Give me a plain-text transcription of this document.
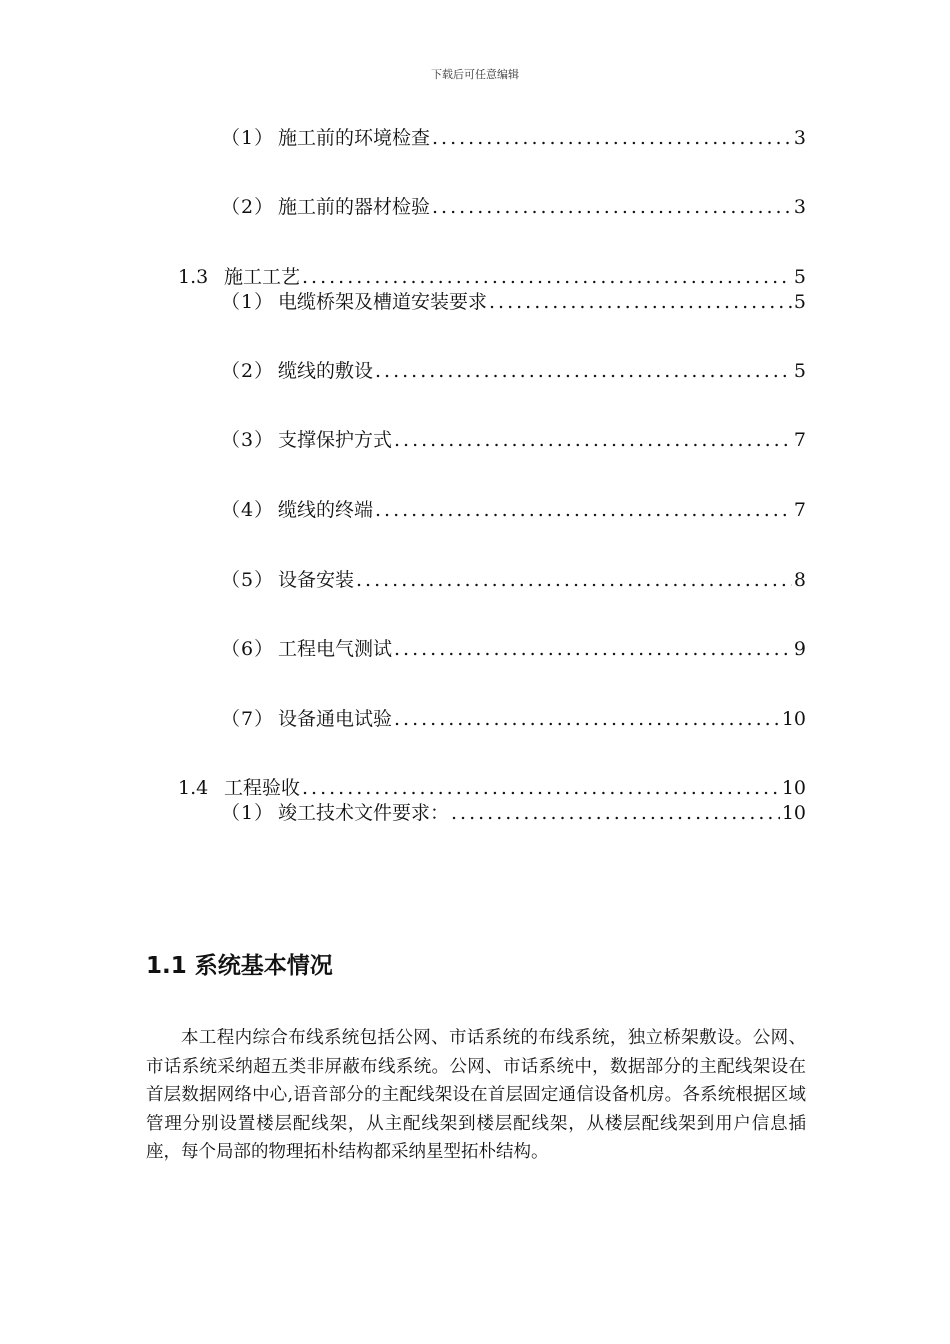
下载后可任意编辑
（1） 施工前的环境检查 .....	3
（2） 施工前的器材检验 .....	3
1.3 施工工艺 .....	5
（1） 电缆桥架及槽道安装要求 .....	5
（2） 缆线的敷设 .....	5
（3） 支撑保护方式 .....	7
（4） 缆线的终端 .....	7
（5） 设备安装 .....	8
（6） 工程电气测试 .....	9
（7） 设备通电试验 .....	10
1.4 工程验收 .....	10
（1） 竣工技术文件要求： .....	10
1.1 系统基本情况

本工程内综合布线系统包括公网、市话系统的布线系统，独立桥架敷设。公网、市话系统采纳超五类非屏蔽布线系统。公网、市话系统中，数据部分的主配线架设在首层数据网络中心,语音部分的主配线架设在首层固定通信设备机房。各系统根据区域管理分别设置楼层配线架，从主配线架到楼层配线架，从楼层配线架到用户信息插座，每个局部的物理拓朴结构都采纳星型拓朴结构。
